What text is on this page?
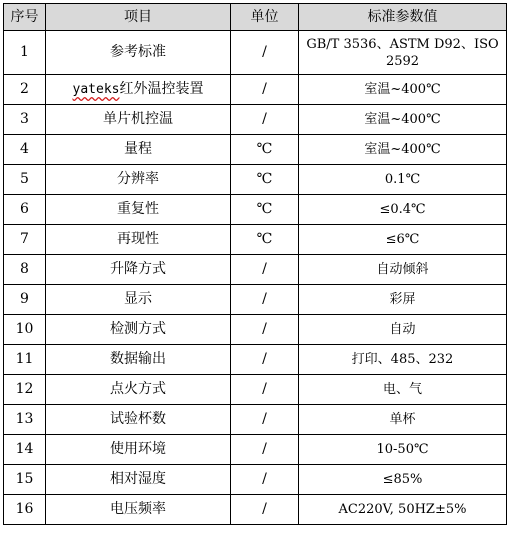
序号	项目	单位	标准参数值
1	参考标准	/	GB/T 3536、ASTM D92、ISO 2592
2	yateks红外温控装置	/	室温~400℃
3	单片机控温	/	室温~400℃
4	量程	℃	室温~400℃
5	分辨率	℃	0.1℃
6	重复性	℃	≤0.4℃
7	再现性	℃	≤6℃
8	升降方式	/	自动倾斜
9	显示	/	彩屏
10	检测方式	/	自动
11	数据输出	/	打印、485、232
12	点火方式	/	电、气
13	试验杯数	/	单杯
14	使用环境	/	10-50℃
15	相对湿度	/	≤85%
16	电压频率	/	AC220V, 50HZ±5%
